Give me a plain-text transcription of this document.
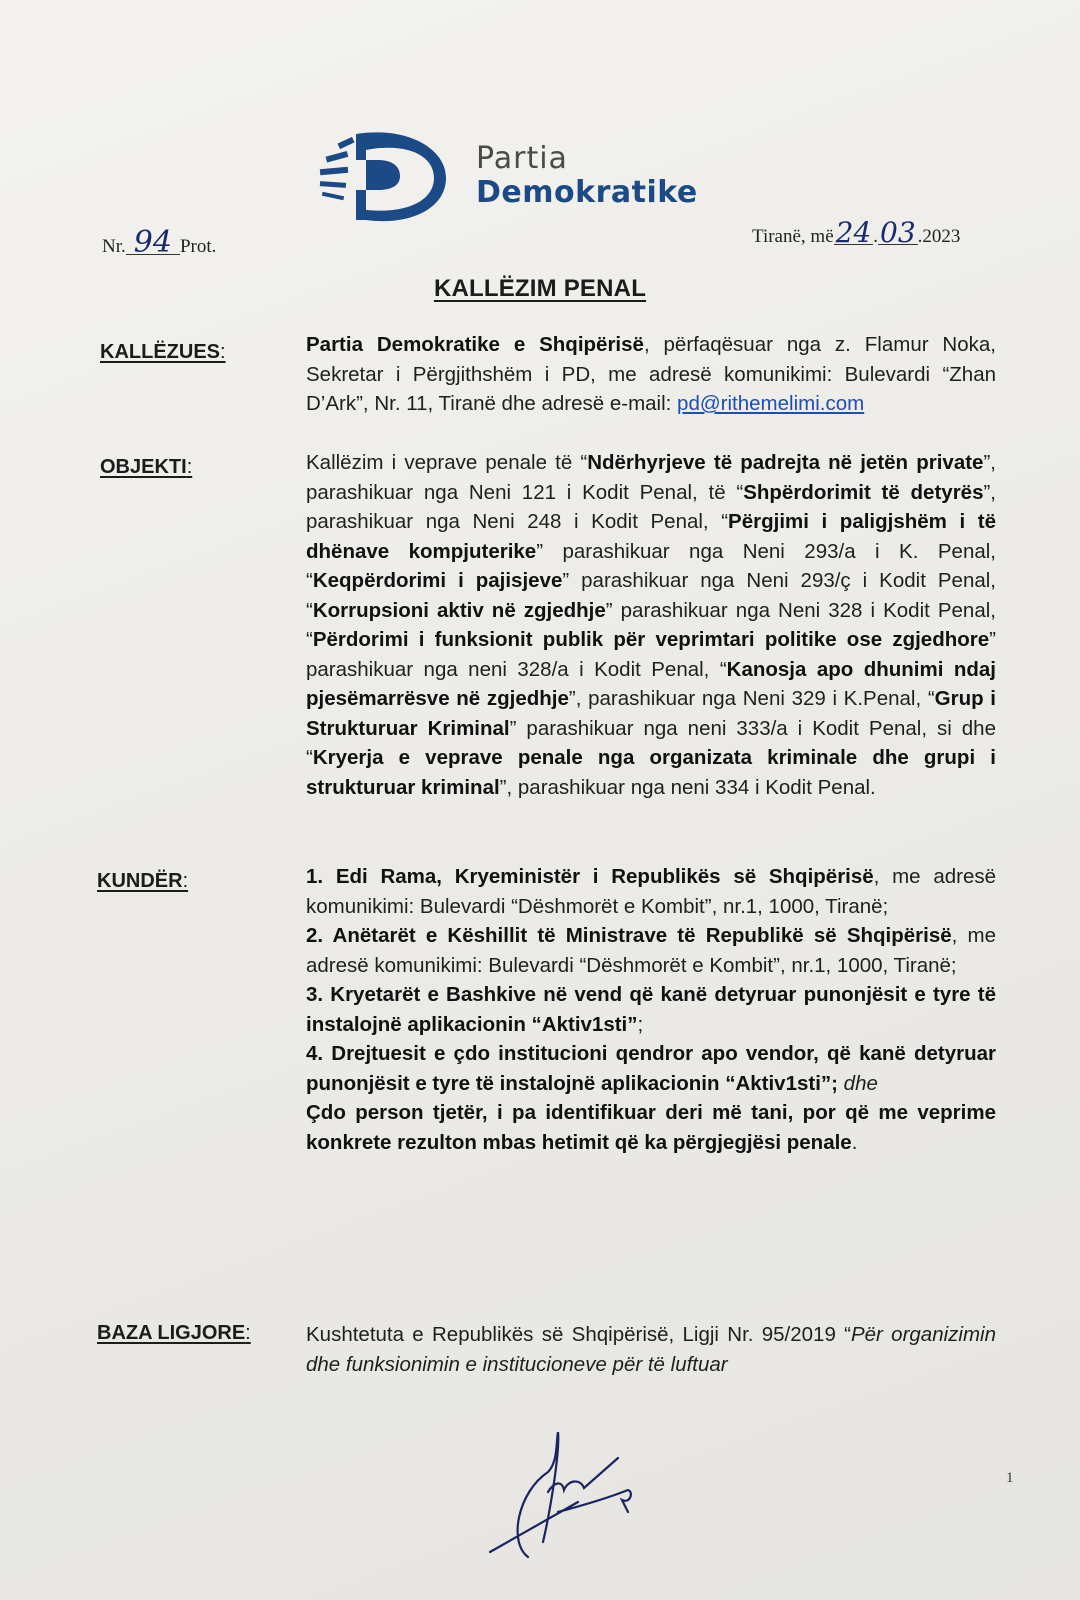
Partia
Demokratike
Nr. 94 Prot.	Tiranë, më24 .03 .2023
KALLËZIM PENAL
KALLËZUES:	Partia Demokratike e Shqipërisë, përfaqësuar nga z. Flamur Noka, Sekretar i Përgjithshëm i PD, me adresë komunikimi: Bulevardi “Zhan D’Ark”, Nr. 11, Tiranë dhe adresë e-mail: pd@rithemelimi.com
OBJEKTI:	Kallëzim i veprave penale të “Ndërhyrjeve të padrejta në jetën private”, parashikuar nga Neni 121 i Kodit Penal, të “Shpërdorimit të detyrës”, parashikuar nga Neni 248 i Kodit Penal, “Përgjimi i paligjshëm i të dhënave kompjuterike” parashikuar nga Neni 293/a i K. Penal, “Keqpërdorimi i pajisjeve” parashikuar nga Neni 293/ç i Kodit Penal, “Korrupsioni aktiv në zgjedhje” parashikuar nga Neni 328 i Kodit Penal, “Përdorimi i funksionit publik për veprimtari politike ose zgjedhore” parashikuar nga neni 328/a i Kodit Penal, “Kanosja apo dhunimi ndaj pjesëmarrësve në zgjedhje”, parashikuar nga Neni 329 i K.Penal, “Grup i Strukturuar Kriminal” parashikuar nga neni 333/a i Kodit Penal, si dhe “Kryerja e veprave penale nga organizata kriminale dhe grupi i strukturuar kriminal”, parashikuar nga neni 334 i Kodit Penal.
KUNDËR:	1. Edi Rama, Kryeministër i Republikës së Shqipërisë, me adresë komunikimi: Bulevardi “Dëshmorët e Kombit”, nr.1, 1000, Tiranë;

2. Anëtarët e Këshillit të Ministrave të Republikë së Shqipërisë, me adresë komunikimi: Bulevardi “Dëshmorët e Kombit”, nr.1, 1000, Tiranë;

3. Kryetarët e Bashkive në vend që kanë detyruar punonjësit e tyre të instalojnë aplikacionin “Aktiv1sti”;

4. Drejtuesit e çdo institucioni qendror apo vendor, që kanë detyruar punonjësit e tyre të instalojnë aplikacionin “Aktiv1sti”; dhe

Çdo person tjetër, i pa identifikuar deri më tani, por që me veprime konkrete rezulton mbas hetimit që ka përgjegjësi penale.

BAZA LIGJORE:	Kushtetuta e Republikës së Shqipërisë, Ligji Nr. 95/2019 “Për organizimin dhe funksionimin e institucioneve për të luftuar
1
